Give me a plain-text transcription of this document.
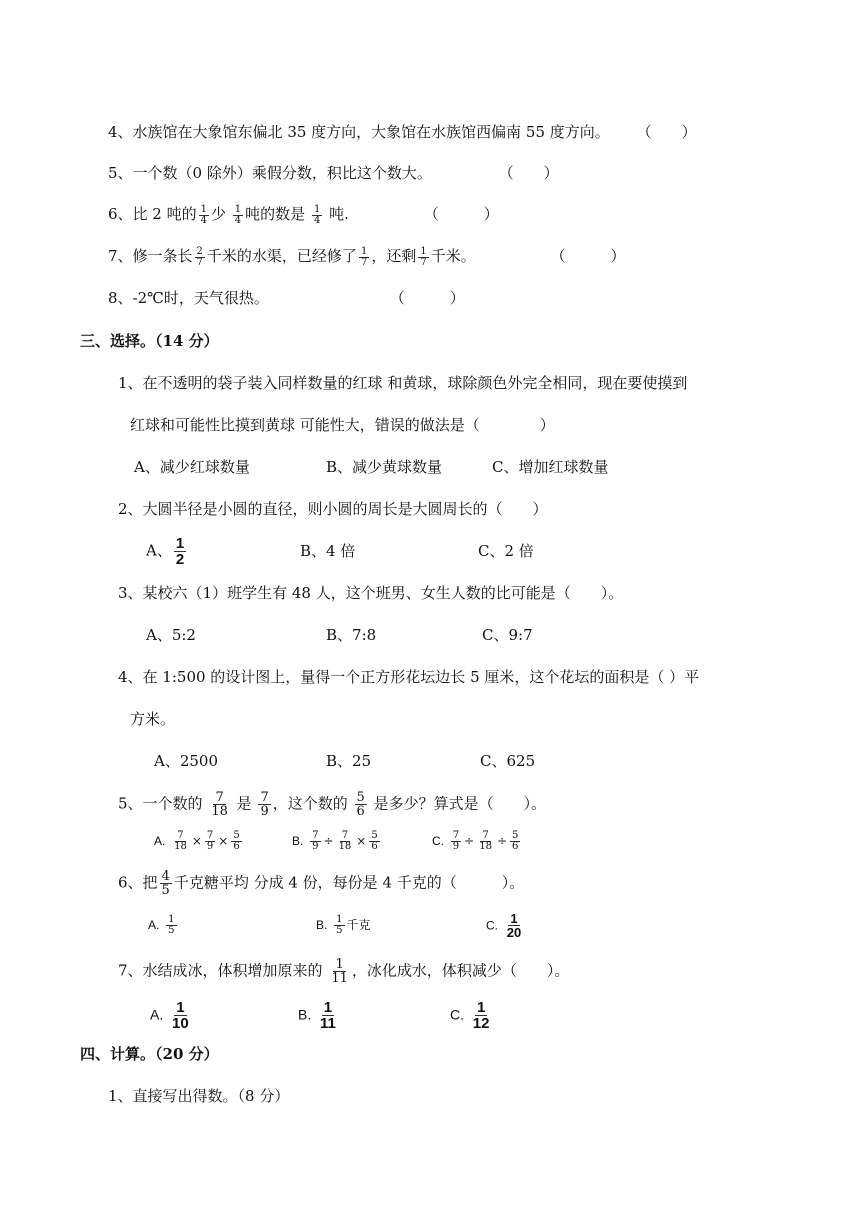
4、水族馆在大象馆东偏北 35 度方向，大象馆在水族馆西偏南 55 度方向。 （　　）
5、一个数（0 除外）乘假分数，积比这个数大。	（　　）
6、比 2 吨的 $\frac{1}{4}$ 少 $\frac{1}{4}$ 吨的数是 $\frac{1}{4}$ 吨.	（　　　）
7、修一条长 $\frac{2}{7}$ 千米的水渠，已经修了 $\frac{1}{7}$ ，还剩 $\frac{1}{7}$ 千米。	（　　　）
8、-2℃时，天气很热。	（　　　）
三、选择。（14 分）
1、在不透明的袋子装入同样数量的红球 和黄球，球除颜色外完全相同，现在要使摸到
红球和可能性比摸到黄球 可能性大，错误的做法是（　　　　）
A、减少红球数量	B、减少黄球数量	C、增加红球数量
2、大圆半径是小圆的直径，则小圆的周长是大圆周长的（　　）
A、 $\frac{1}{2}$	B、4 倍	C、2 倍
3、某校六（1）班学生有 48 人，这个班男、女生人数的比可能是（　　）。
A、5:2	B、7:8	C、9:7
4、在 1:500 的设计图上，量得一个正方形花坛边长 5 厘米，这个花坛的面积是（ ）平
方米。
A、2500	B、25	C、625
5、一个数的 $\frac{7}{18}$ 是 $\frac{7}{9}$ ，这个数的 $\frac{5}{6}$ 是多少？算式是（　　）。
A. $\frac{7}{18} \times \frac{7}{9} \times \frac{5}{6}$	B. $\frac{7}{9} \div \frac{7}{18} \times \frac{5}{6}$	C. $\frac{7}{9} \div \frac{7}{18} \div \frac{5}{6}$
6、把 $\frac{4}{5}$ 千克糖平均 分成 4 份，每份是 4 千克的（　　　）。
A. $\frac{1}{5}$	B. $\frac{1}{5}$ 千克	C. $\frac{1}{20}$
7、水结成冰，体积增加原来的 $\frac{1}{11}$ ，冰化成水，体积减少（　　）。
A. $\frac{1}{10}$	B. $\frac{1}{11}$	C. $\frac{1}{12}$
四、计算。（20 分）
1、直接写出得数。（8 分）
